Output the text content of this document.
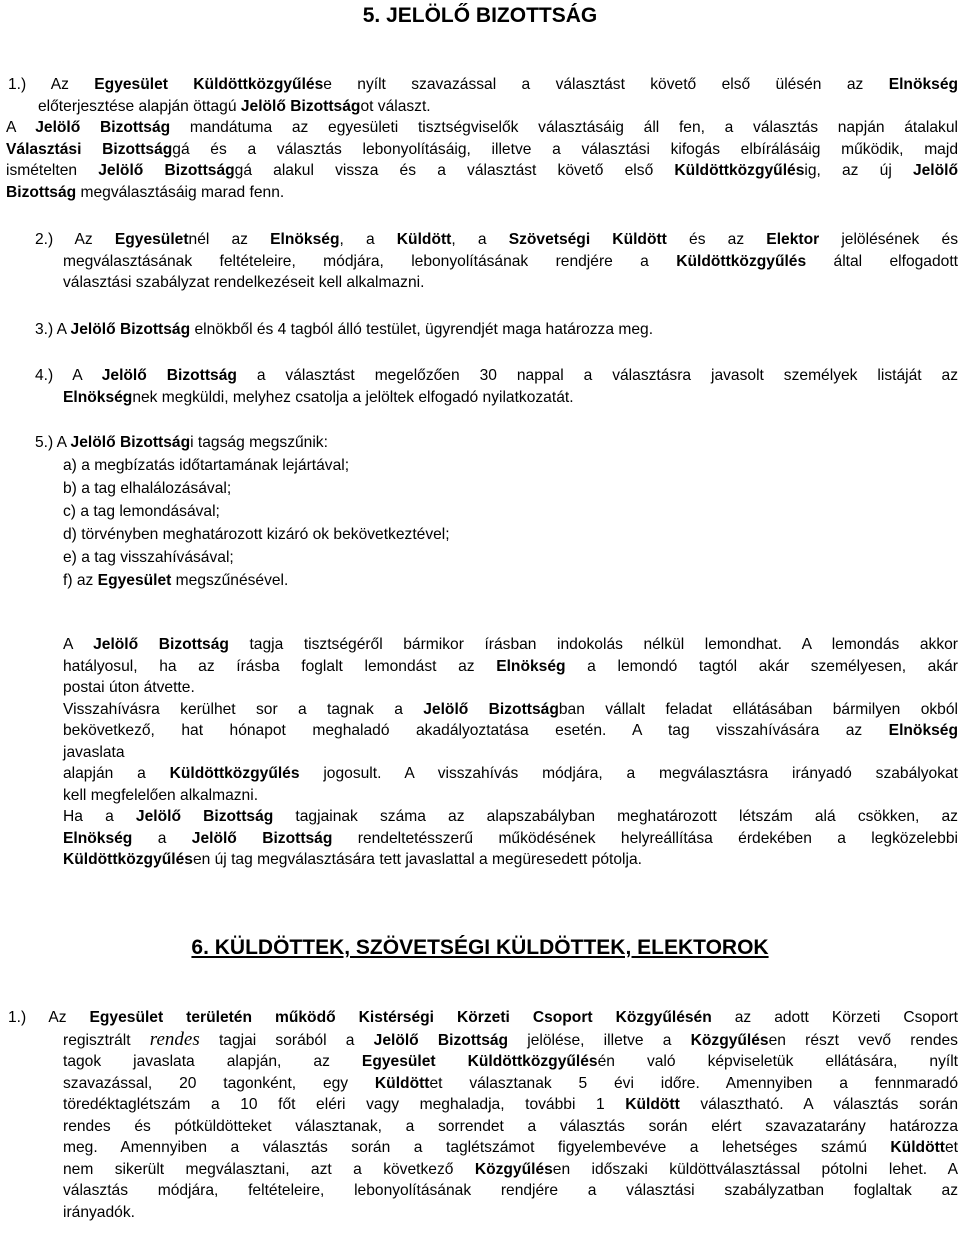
5. JELÖLŐ BIZOTTSÁG
1.) Az Egyesület Küldöttközgyűlése nyílt szavazással a választást követő első ülésén az Elnökség
előterjesztése alapján öttagú Jelölő Bizottságot választ.
A Jelölő Bizottság mandátuma az egyesületi tisztségviselők választásáig áll fen, a választás napján átalakul
Választási Bizottsággá és a választás lebonyolításáig, illetve a választási kifogás elbírálásáig működik, majd
ismételten Jelölő Bizottsággá alakul vissza és a választást követő első Küldöttközgyűlésig, az új Jelölő
Bizottság megválasztásáig marad fenn.
2.) Az Egyesületnél az Elnökség, a Küldött, a Szövetségi Küldött és az Elektor jelölésének és
megválasztásának feltételeire, módjára, lebonyolításának rendjére a Küldöttközgyűlés által elfogadott
választási szabályzat rendelkezéseit kell alkalmazni.
3.) A Jelölő Bizottság elnökből és 4 tagból álló testület, ügyrendjét maga határozza meg.
4.) A Jelölő Bizottság a választást megelőzően 30 nappal a választásra javasolt személyek listáját az
Elnökségnek megküldi, melyhez csatolja a jelöltek elfogadó nyilatkozatát.
5.) A Jelölő Bizottsági tagság megszűnik:
a) a megbízatás időtartamának lejártával;
b) a tag elhalálozásával;
c) a tag lemondásával;
d) törvényben meghatározott kizáró ok bekövetkeztével;
e) a tag visszahívásával;
f) az Egyesület megszűnésével.
A Jelölő Bizottság tagja tisztségéről bármikor írásban indokolás nélkül lemondhat. A lemondás akkor
hatályosul, ha az írásba foglalt lemondást az Elnökség a lemondó tagtól akár személyesen, akár
postai úton átvette.
Visszahívásra kerülhet sor a tagnak a Jelölő Bizottságban vállalt feladat ellátásában bármilyen okból
bekövetkező, hat hónapot meghaladó akadályoztatása esetén. A tag visszahívására az Elnökség
javaslata
alapján a Küldöttközgyűlés jogosult. A visszahívás módjára, a megválasztásra irányadó szabályokat
kell megfelelően alkalmazni.
Ha a Jelölő Bizottság tagjainak száma az alapszabályban meghatározott létszám alá csökken, az
Elnökség a Jelölő Bizottság rendeltetésszerű működésének helyreállítása érdekében a legközelebbi
Küldöttközgyűlésen új tag megválasztására tett javaslattal a megüresedett pótolja.
6. KÜLDÖTTEK, SZÖVETSÉGI KÜLDÖTTEK, ELEKTOROK
1.) Az Egyesület területén működő Kistérségi Körzeti Csoport Közgyűlésén az adott Körzeti Csoport
regisztrált rendes tagjai sorából a Jelölő Bizottság jelölése, illetve a Közgyűlésen részt vevő rendes
tagok javaslata alapján, az Egyesület Küldöttközgyűlésén való képviseletük ellátására, nyílt
szavazással, 20 tagonként, egy Küldöttet választanak 5 évi időre. Amennyiben a fennmaradó
töredéktaglétszám a 10 főt eléri vagy meghaladja, további 1 Küldött választható. A választás során
rendes és pótküldötteket választanak, a sorrendet a választás során elért szavazatarány határozza
meg. Amennyiben a választás során a taglétszámot figyelembevéve a lehetséges számú Küldöttet
nem sikerült megválasztani, azt a következő Közgyűlésen időszaki küldöttválasztással pótolni lehet. A
választás módjára, feltételeire, lebonyolításának rendjére a választási szabályzatban foglaltak az
irányadók.
